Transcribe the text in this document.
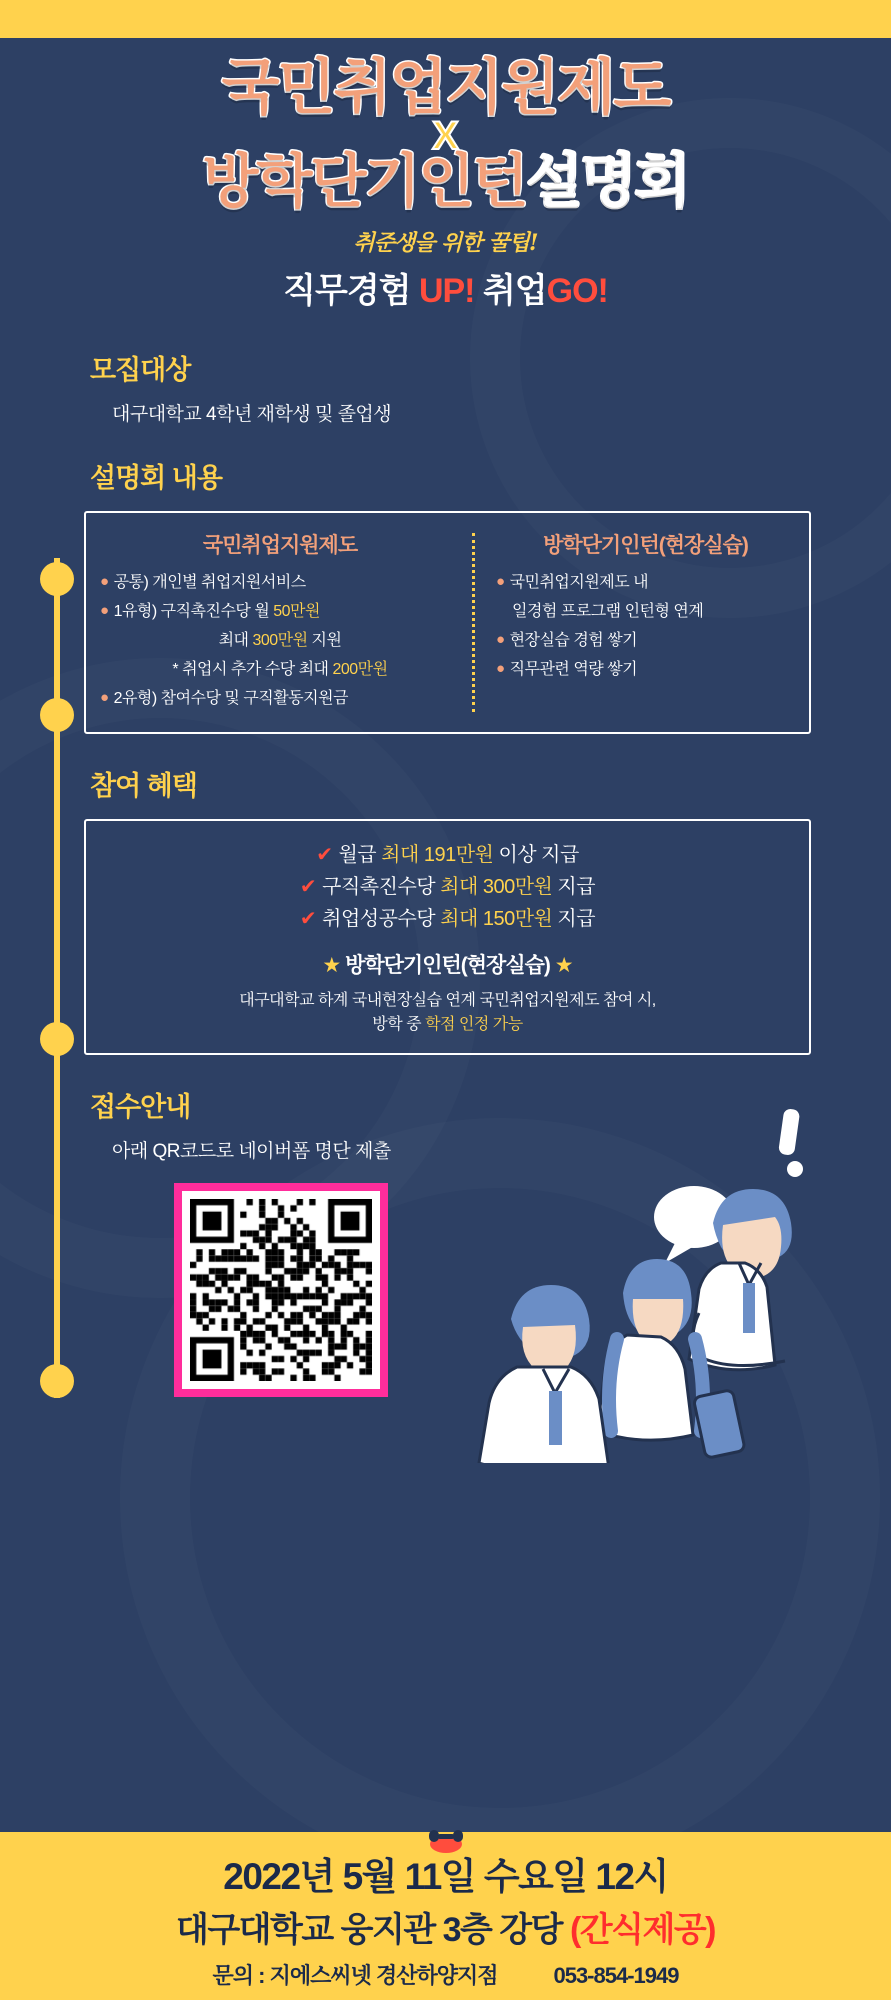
국민취업지원제도
X
방학단기인턴설명회
취준생을 위한 꿀팁!
직무경험 UP! 취업GO!
모집대상
대구대학교 4학년 재학생 및 졸업생
설명회 내용
국민취업지원제도
● 공통) 개인별 취업지원서비스
● 1유형) 구직촉진수당 월 50만원
최대 300만원 지원
* 취업시 추가 수당 최대 200만원
● 2유형) 참여수당 및 구직활동지원금
방학단기인턴(현장실습)
● 국민취업지원제도 내
일경험 프로그램 인턴형 연계
● 현장실습 경험 쌓기
● 직무관련 역량 쌓기
참여 혜택
✔ 월급 최대 191만원 이상 지급
✔ 구직촉진수당 최대 300만원 지급
✔ 취업성공수당 최대 150만원 지급
★ 방학단기인턴(현장실습) ★
대구대학교 하계 국내현장실습 연계 국민취업지원제도 참여 시,
방학 중 학점 인정 가능
접수안내
아래 QR코드로 네이버폼 명단 제출
2022년 5월 11일 수요일 12시
대구대학교 웅지관 3층 강당 (간식제공)
문의 : 지에스씨넷 경산하양지점	053-854-1949
